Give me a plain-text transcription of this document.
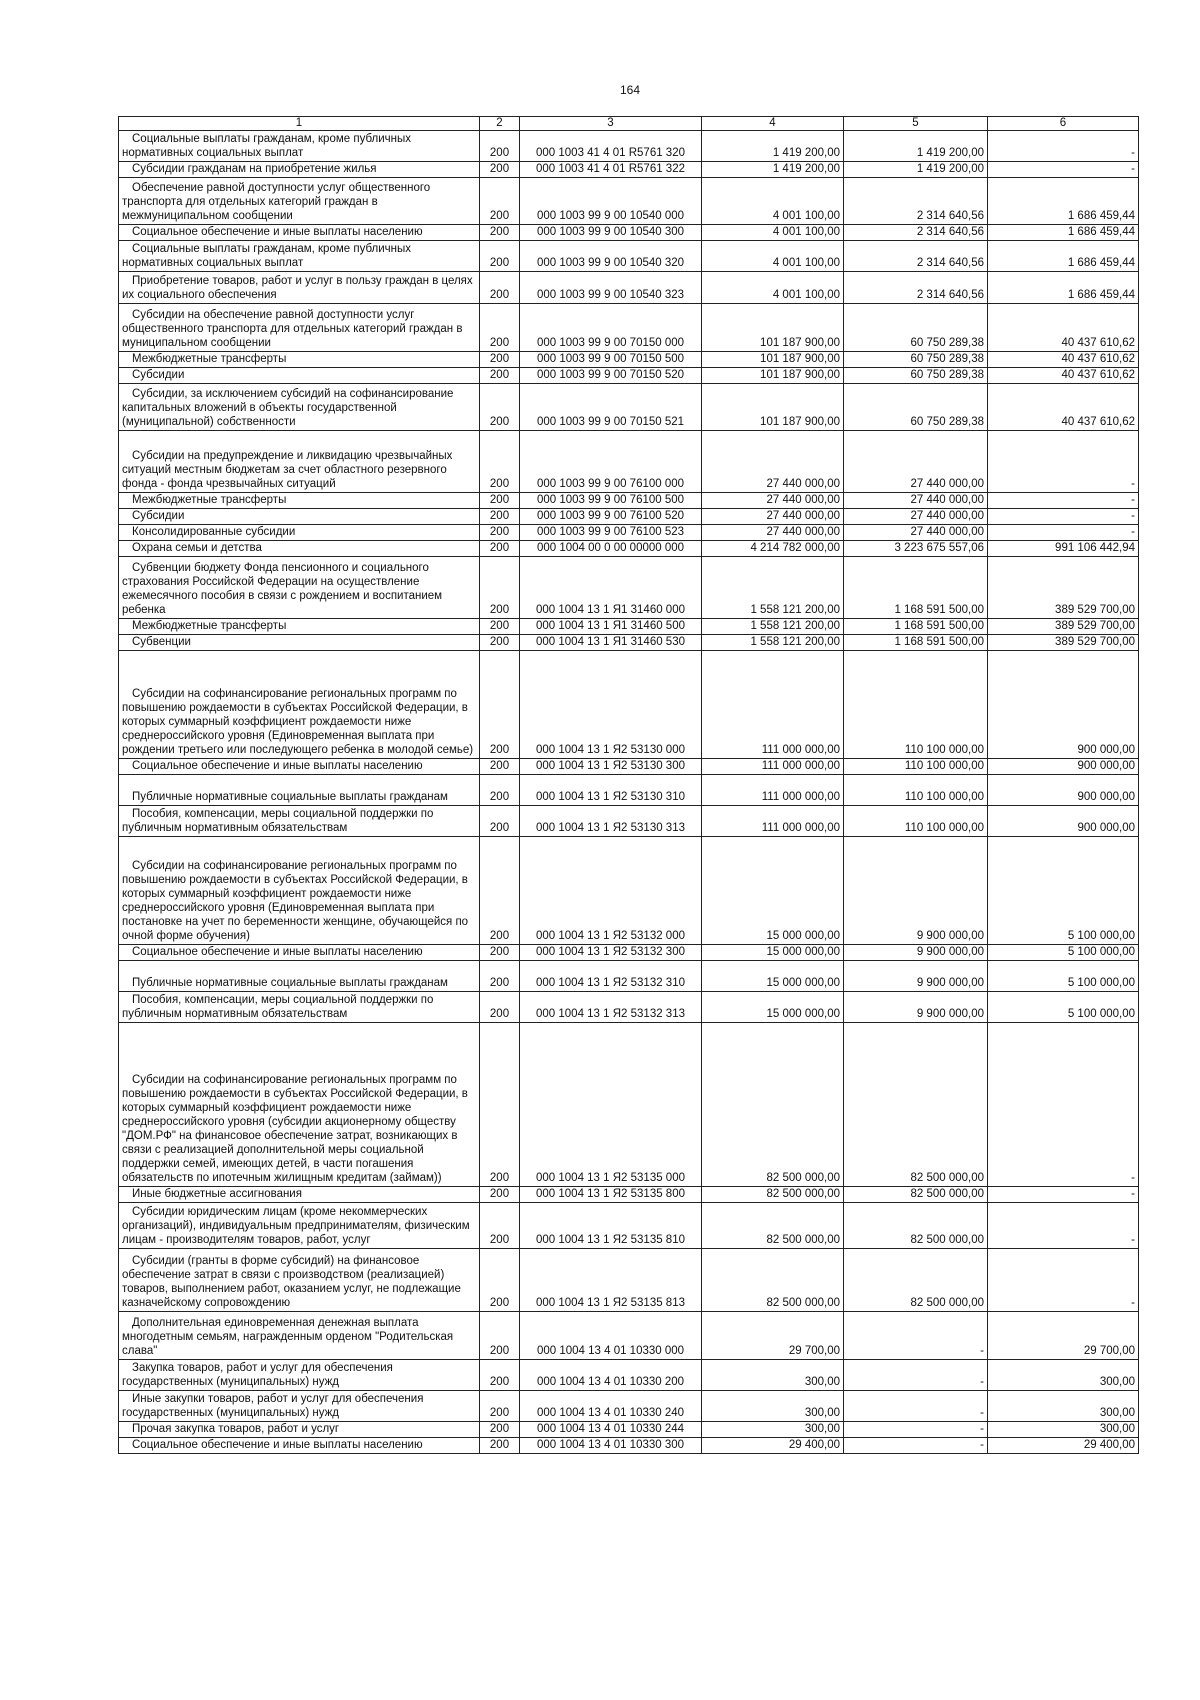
164
1	2	3	4	5	6

Социальные выплаты гражданам, кроме публичных нормативных социальных выплат	200	000 1003 41 4 01 R5761 320	1 419 200,00	1 419 200,00	-

Субсидии гражданам на приобретение жилья	200	000 1003 41 4 01 R5761 322	1 419 200,00	1 419 200,00	-

Обеспечение равной доступности услуг общественного транспорта для отдельных категорий граждан в межмуниципальном сообщении	200	000 1003 99 9 00 10540 000	4 001 100,00	2 314 640,56	1 686 459,44

Социальное обеспечение и иные выплаты населению	200	000 1003 99 9 00 10540 300	4 001 100,00	2 314 640,56	1 686 459,44

Социальные выплаты гражданам, кроме публичных нормативных социальных выплат	200	000 1003 99 9 00 10540 320	4 001 100,00	2 314 640,56	1 686 459,44

Приобретение товаров, работ и услуг в пользу граждан в целях их социального обеспечения	200	000 1003 99 9 00 10540 323	4 001 100,00	2 314 640,56	1 686 459,44

Субсидии на обеспечение равной доступности услуг общественного транспорта для отдельных категорий граждан в муниципальном сообщении	200	000 1003 99 9 00 70150 000	101 187 900,00	60 750 289,38	40 437 610,62

Межбюджетные трансферты	200	000 1003 99 9 00 70150 500	101 187 900,00	60 750 289,38	40 437 610,62

Субсидии	200	000 1003 99 9 00 70150 520	101 187 900,00	60 750 289,38	40 437 610,62

Субсидии, за исключением субсидий на софинансирование капитальных вложений в объекты государственной (муниципальной) собственности	200	000 1003 99 9 00 70150 521	101 187 900,00	60 750 289,38	40 437 610,62

Субсидии на предупреждение и ликвидацию чрезвычайных ситуаций местным бюджетам за счет областного резервного фонда - фонда чрезвычайных ситуаций	200	000 1003 99 9 00 76100 000	27 440 000,00	27 440 000,00	-

Межбюджетные трансферты	200	000 1003 99 9 00 76100 500	27 440 000,00	27 440 000,00	-

Субсидии	200	000 1003 99 9 00 76100 520	27 440 000,00	27 440 000,00	-

Консолидированные субсидии	200	000 1003 99 9 00 76100 523	27 440 000,00	27 440 000,00	-

Охрана семьи и детства	200	000 1004 00 0 00 00000 000	4 214 782 000,00	3 223 675 557,06	991 106 442,94

Субвенции бюджету Фонда пенсионного и социального страхования Российской Федерации на осуществление ежемесячного пособия в связи с рождением и воспитанием ребенка	200	000 1004 13 1 Я1 31460 000	1 558 121 200,00	1 168 591 500,00	389 529 700,00

Межбюджетные трансферты	200	000 1004 13 1 Я1 31460 500	1 558 121 200,00	1 168 591 500,00	389 529 700,00

Субвенции	200	000 1004 13 1 Я1 31460 530	1 558 121 200,00	1 168 591 500,00	389 529 700,00

Субсидии на софинансирование региональных программ по повышению рождаемости в субъектах Российской Федерации, в которых суммарный коэффициент рождаемости ниже среднероссийского уровня (Единовременная выплата при рождении третьего или последующего ребенка в молодой семье)	200	000 1004 13 1 Я2 53130 000	111 000 000,00	110 100 000,00	900 000,00

Социальное обеспечение и иные выплаты населению	200	000 1004 13 1 Я2 53130 300	111 000 000,00	110 100 000,00	900 000,00

Публичные нормативные социальные выплаты гражданам	200	000 1004 13 1 Я2 53130 310	111 000 000,00	110 100 000,00	900 000,00

Пособия, компенсации, меры социальной поддержки по публичным нормативным обязательствам	200	000 1004 13 1 Я2 53130 313	111 000 000,00	110 100 000,00	900 000,00

Субсидии на софинансирование региональных программ по повышению рождаемости в субъектах Российской Федерации, в которых суммарный коэффициент рождаемости ниже среднероссийского уровня (Единовременная выплата при постановке на учет по беременности женщине, обучающейся по очной форме обучения)	200	000 1004 13 1 Я2 53132 000	15 000 000,00	9 900 000,00	5 100 000,00

Социальное обеспечение и иные выплаты населению	200	000 1004 13 1 Я2 53132 300	15 000 000,00	9 900 000,00	5 100 000,00

Публичные нормативные социальные выплаты гражданам	200	000 1004 13 1 Я2 53132 310	15 000 000,00	9 900 000,00	5 100 000,00

Пособия, компенсации, меры социальной поддержки по публичным нормативным обязательствам	200	000 1004 13 1 Я2 53132 313	15 000 000,00	9 900 000,00	5 100 000,00

Субсидии на софинансирование региональных программ по повышению рождаемости в субъектах Российской Федерации, в которых суммарный коэффициент рождаемости ниже среднероссийского уровня (субсидии акционерному обществу "ДОМ.РФ" на финансовое обеспечение затрат, возникающих в связи с реализацией дополнительной меры социальной поддержки семей, имеющих детей, в части погашения обязательств по ипотечным жилищным кредитам (займам))	200	000 1004 13 1 Я2 53135 000	82 500 000,00	82 500 000,00	-

Иные бюджетные ассигнования	200	000 1004 13 1 Я2 53135 800	82 500 000,00	82 500 000,00	-

Субсидии юридическим лицам (кроме некоммерческих организаций), индивидуальным предпринимателям, физическим лицам - производителям товаров, работ, услуг	200	000 1004 13 1 Я2 53135 810	82 500 000,00	82 500 000,00	-

Субсидии (гранты в форме субсидий) на финансовое обеспечение затрат в связи с производством (реализацией) товаров, выполнением работ, оказанием услуг, не подлежащие казначейскому сопровождению	200	000 1004 13 1 Я2 53135 813	82 500 000,00	82 500 000,00	-

Дополнительная единовременная денежная выплата многодетным семьям, награжденным орденом "Родительская слава"	200	000 1004 13 4 01 10330 000	29 700,00	-	29 700,00

Закупка товаров, работ и услуг для обеспечения государственных (муниципальных) нужд	200	000 1004 13 4 01 10330 200	300,00	-	300,00

Иные закупки товаров, работ и услуг для обеспечения государственных (муниципальных) нужд	200	000 1004 13 4 01 10330 240	300,00	-	300,00

Прочая закупка товаров, работ и услуг	200	000 1004 13 4 01 10330 244	300,00	-	300,00

Социальное обеспечение и иные выплаты населению	200	000 1004 13 4 01 10330 300	29 400,00	-	29 400,00
